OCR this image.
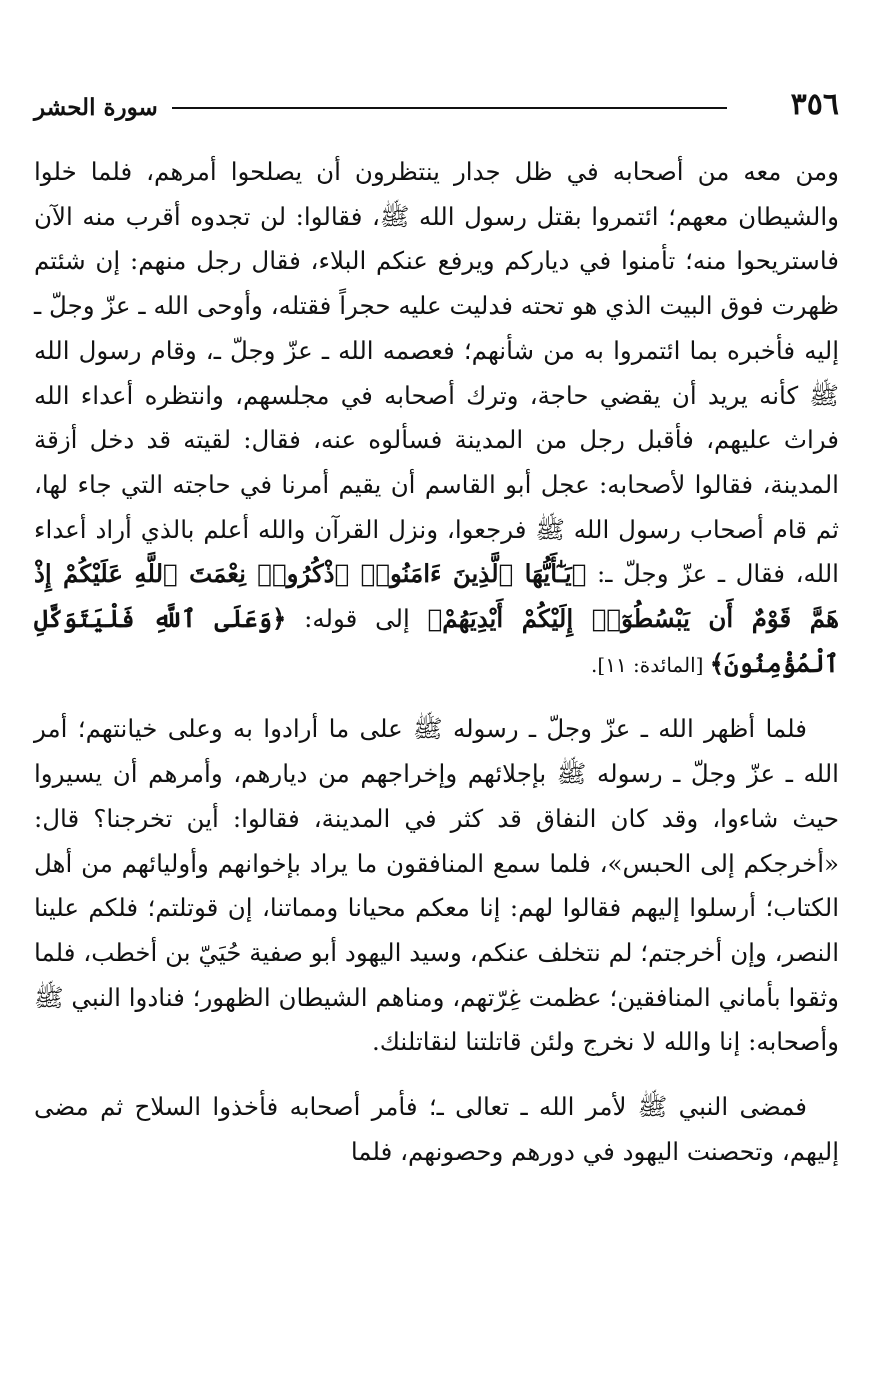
٣٥٦
سورة الحشر

ومن معه من أصحابه في ظل جدار ينتظرون أن يصلحوا أمرهم، فلما خلوا والشيطان معهم؛ ائتمروا بقتل رسول الله ﷺ، فقالوا: لن تجدوه أقرب منه الآن فاستريحوا منه؛ تأمنوا في دياركم ويرفع عنكم البلاء، فقال رجل منهم: إن شئتم ظهرت فوق البيت الذي هو تحته فدليت عليه حجراً فقتله، وأوحى الله ـ عزّ وجلّ ـ إليه فأخبره بما ائتمروا به من شأنهم؛ فعصمه الله ـ عزّ وجلّ ـ، وقام رسول الله ﷺ كأنه يريد أن يقضي حاجة، وترك أصحابه في مجلسهم، وانتظره أعداء الله فراث عليهم، فأقبل رجل من المدينة فسألوه عنه، فقال: لقيته قد دخل أزقة المدينة، فقالوا لأصحابه: عجل أبو القاسم أن يقيم أمرنا في حاجته التي جاء لها، ثم قام أصحاب رسول الله ﷺ فرجعوا، ونزل القرآن والله أعلم بالذي أراد أعداء الله، فقال ـ عزّ وجلّ ـ: ﴿يَـٰٓأَيُّهَا ٱلَّذِينَ ءَامَنُوا۟ ٱذْكُرُوا۟ نِعْمَتَ ٱللَّهِ عَلَيْكُمْ إِذْ هَمَّ قَوْمٌ أَن يَبْسُطُوٓا۟ إِلَيْكُمْ أَيْدِيَهُمْ﴾ إلى قوله: ﴿وَعَلَى ٱللَّهِ فَلْيَتَوَكَّلِ ٱلْمُؤْمِنُونَ﴾ [المائدة: ١١].

فلما أظهر الله ـ عزّ وجلّ ـ رسوله ﷺ على ما أرادوا به وعلى خيانتهم؛ أمر الله ـ عزّ وجلّ ـ رسوله ﷺ بإجلائهم وإخراجهم من ديارهم، وأمرهم أن يسيروا حيث شاءوا، وقد كان النفاق قد كثر في المدينة، فقالوا: أين تخرجنا؟ قال: «أخرجكم إلى الحبس»، فلما سمع المنافقون ما يراد بإخوانهم وأوليائهم من أهل الكتاب؛ أرسلوا إليهم فقالوا لهم: إنا معكم محيانا ومماتنا، إن قوتلتم؛ فلكم علينا النصر، وإن أخرجتم؛ لم نتخلف عنكم، وسيد اليهود أبو صفية حُيَيّ بن أخطب، فلما وثقوا بأماني المنافقين؛ عظمت غِرّتهم، ومناهم الشيطان الظهور؛ فنادوا النبي ﷺ وأصحابه: إنا والله لا نخرج ولئن قاتلتنا لنقاتلنك.

فمضى النبي ﷺ لأمر الله ـ تعالى ـ؛ فأمر أصحابه فأخذوا السلاح ثم مضى إليهم، وتحصنت اليهود في دورهم وحصونهم، فلما
